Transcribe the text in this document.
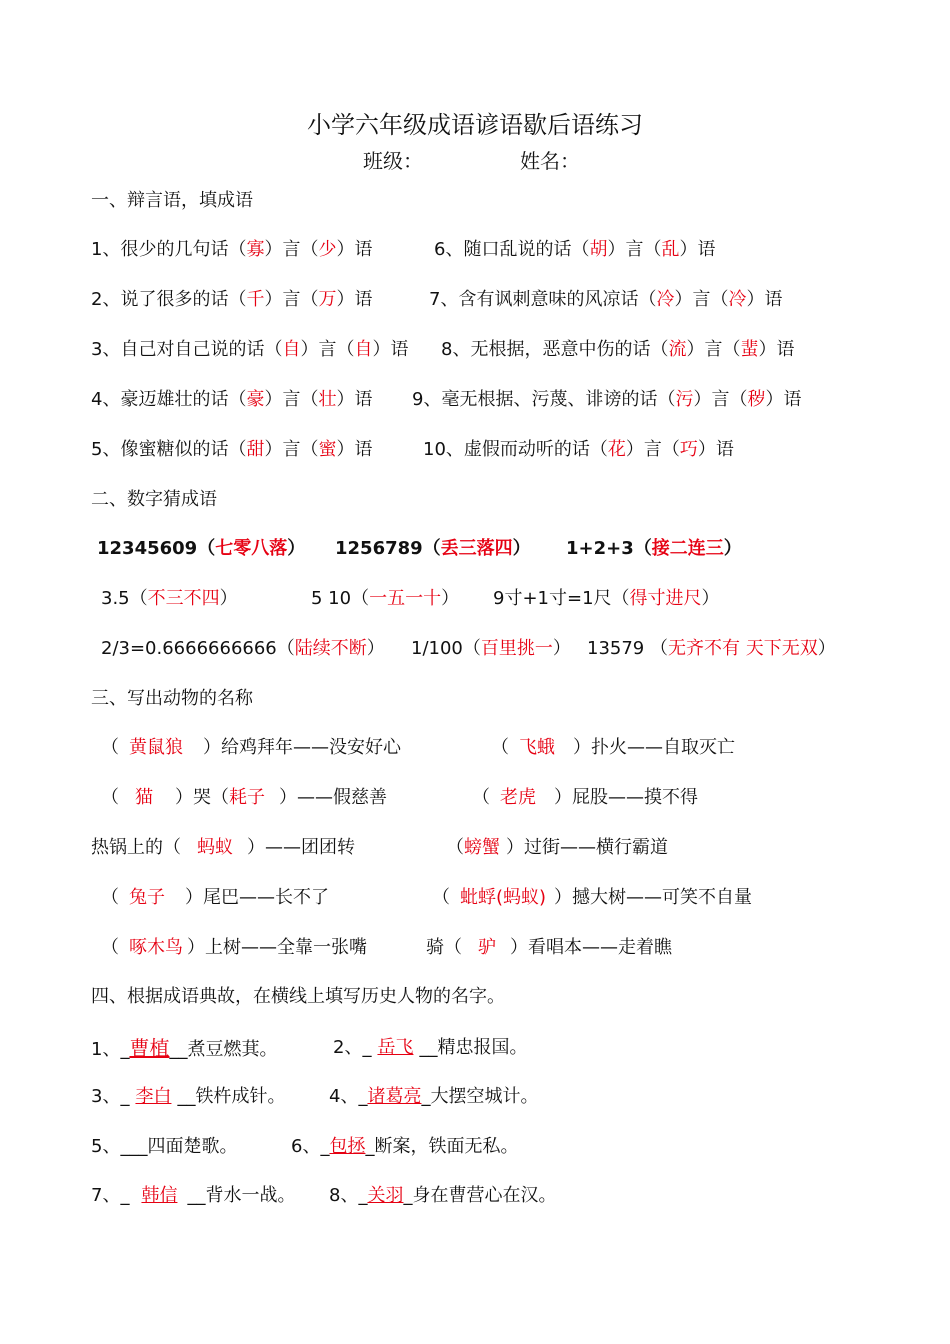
小学六年级成语谚语歇后语练习
班级：	姓名：
一、辩言语，填成语
1、很少的几句话（寡）言（少）语	6、随口乱说的话（胡）言（乱）语
2、说了很多的话（千）言（万）语	7、含有讽刺意味的风凉话（冷）言（冷）语
3、自己对自己说的话（自）言（自）语 8、无根据，恶意中伤的话（流）言（蜚）语
4、豪迈雄壮的话（豪）言（壮）语 9、毫无根据、污蔑、诽谤的话（污）言（秽）语
5、像蜜糖似的话（甜）言（蜜）语	10、虚假而动听的话（花）言（巧）语
二、数字猜成语
12345609（七零八落） 1256789（丢三落四） 1+2+3（接二连三）
3.5（不三不四）	5 10（一五一十） 9寸+1寸=1尺（得寸进尺）
2/3=0.6666666666（陆续不断） 1/100（百里挑一） 13579 （无齐不有 天下无双）
三、写出动物的名称
（ 黄鼠狼 ）给鸡拜年——没安好心	（ 飞蛾 ）扑火——自取灭亡
（ 猫 ）哭（耗子 ）——假慈善	（ 老虎 ）屁股——摸不得
热锅上的（ 蚂蚁 ）——团团转	（螃蟹 ）过街——横行霸道
（ 兔子 ）尾巴——长不了	（ 蚍蜉(蚂蚁) ）撼大树——可笑不自量
（ 啄木鸟 ）上树——全靠一张嘴	骑（ 驴 ）看唱本——走着瞧
四、根据成语典故，在横线上填写历史人物的名字。
1、_曹植__煮豆燃萁。	2、_ 岳飞 __精忠报国。
3、_ 李白 __铁杵成针。 4、_诸葛亮_大摆空城计。
5、___四面楚歌。	6、_包拯_断案，铁面无私。
7、_ 韩信 __背水一战。 8、_关羽_身在曹营心在汉。
